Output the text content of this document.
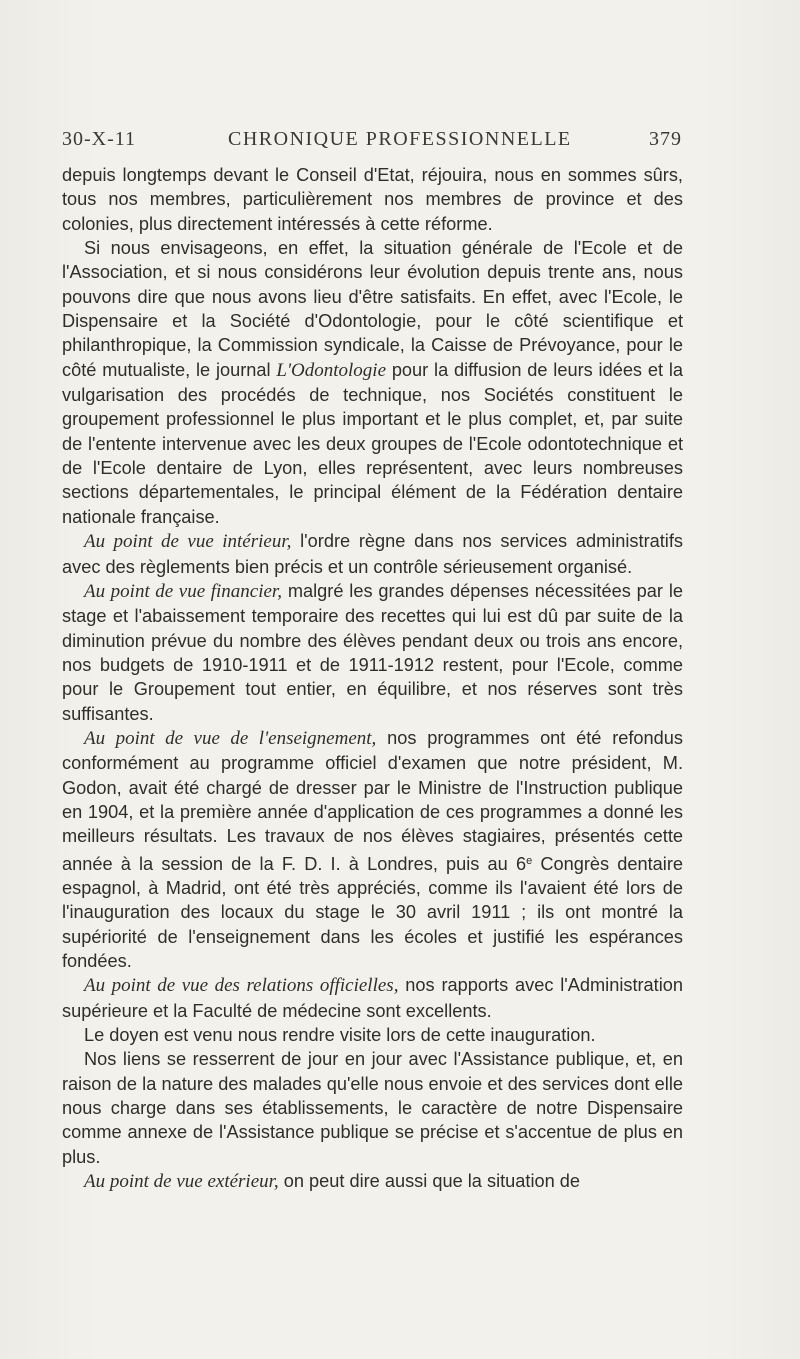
30-X-11	CHRONIQUE PROFESSIONNELLE	379

depuis longtemps devant le Conseil d'Etat, réjouira, nous en sommes sûrs, tous nos membres, particulièrement nos membres de province et des colonies, plus directement intéressés à cette réforme.

Si nous envisageons, en effet, la situation générale de l'Ecole et de l'Association, et si nous considérons leur évolution depuis trente ans, nous pouvons dire que nous avons lieu d'être satisfaits. En effet, avec l'Ecole, le Dispensaire et la Société d'Odontologie, pour le côté scientifique et philanthropique, la Commission syndicale, la Caisse de Prévoyance, pour le côté mutualiste, le journal L'Odontologie pour la diffusion de leurs idées et la vulgarisation des procédés de technique, nos Sociétés constituent le groupement professionnel le plus important et le plus complet, et, par suite de l'entente intervenue avec les deux groupes de l'Ecole odontotechnique et de l'Ecole dentaire de Lyon, elles représentent, avec leurs nombreuses sections départementales, le principal élément de la Fédération dentaire nationale française.

Au point de vue intérieur, l'ordre règne dans nos services administratifs avec des règlements bien précis et un contrôle sérieusement organisé.

Au point de vue financier, malgré les grandes dépenses nécessitées par le stage et l'abaissement temporaire des recettes qui lui est dû par suite de la diminution prévue du nombre des élèves pendant deux ou trois ans encore, nos budgets de 1910-1911 et de 1911-1912 restent, pour l'Ecole, comme pour le Groupement tout entier, en équilibre, et nos réserves sont très suffisantes.

Au point de vue de l'enseignement, nos programmes ont été refondus conformément au programme officiel d'examen que notre président, M. Godon, avait été chargé de dresser par le Ministre de l'Instruction publique en 1904, et la première année d'application de ces programmes a donné les meilleurs résultats. Les travaux de nos élèves stagiaires, présentés cette année à la session de la F. D. I. à Londres, puis au 6e Congrès dentaire espagnol, à Madrid, ont été très appréciés, comme ils l'avaient été lors de l'inauguration des locaux du stage le 30 avril 1911 ; ils ont montré la supériorité de l'enseignement dans les écoles et justifié les espérances fondées.

Au point de vue des relations officielles, nos rapports avec l'Administration supérieure et la Faculté de médecine sont excellents.

Le doyen est venu nous rendre visite lors de cette inauguration.

Nos liens se resserrent de jour en jour avec l'Assistance publique, et, en raison de la nature des malades qu'elle nous envoie et des services dont elle nous charge dans ses établissements, le caractère de notre Dispensaire comme annexe de l'Assistance publique se précise et s'accentue de plus en plus.

Au point de vue extérieur, on peut dire aussi que la situation de
